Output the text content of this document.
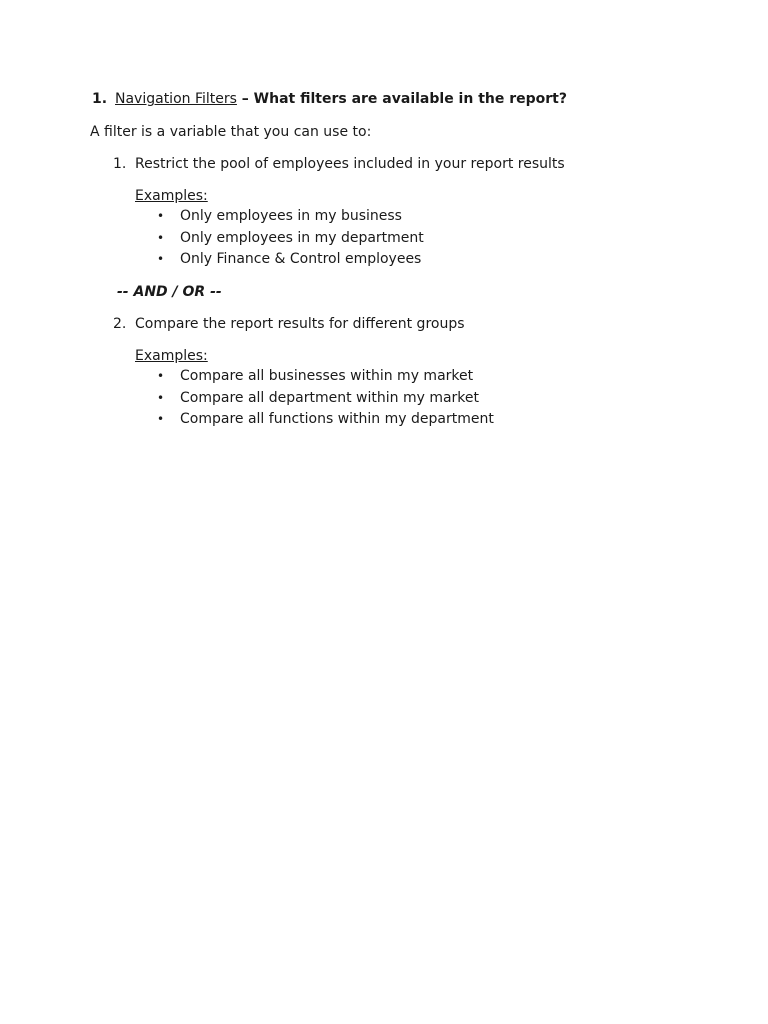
1. Navigation Filters – What filters are available in the report?
A filter is a variable that you can use to:
1. Restrict the pool of employees included in your report results
Examples:
• Only employees in my business
• Only employees in my department
• Only Finance & Control employees
-- AND / OR --
2. Compare the report results for different groups
Examples:
• Compare all businesses within my market
• Compare all department within my market
• Compare all functions within my department
